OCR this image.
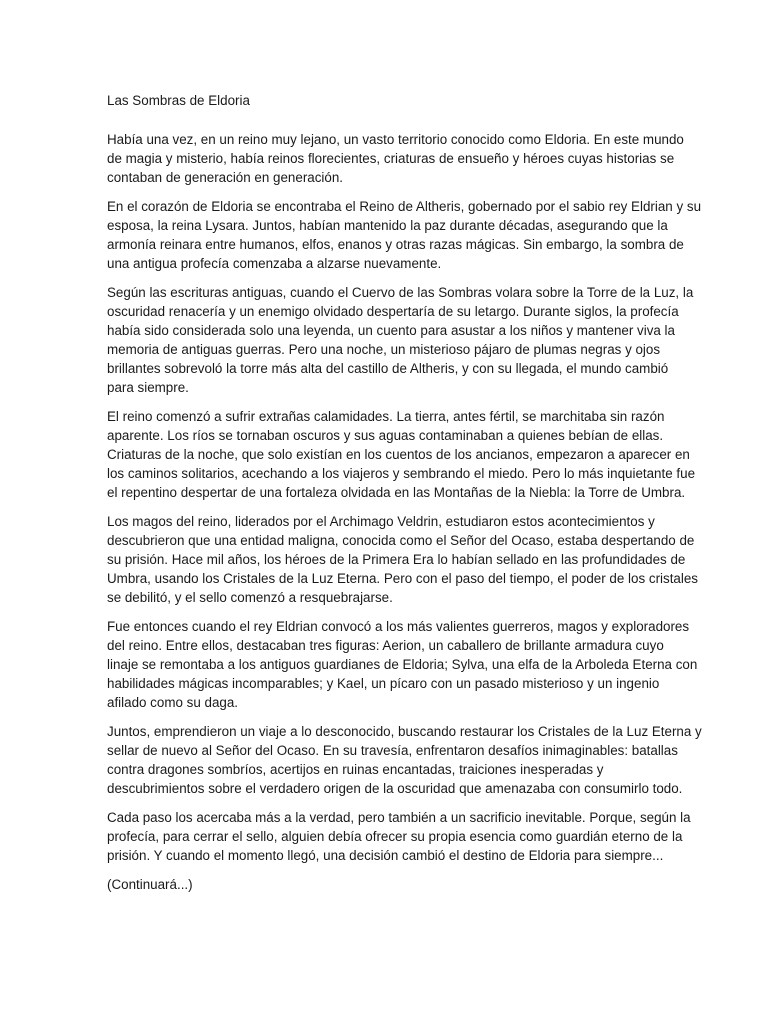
Las Sombras de Eldoria

Había una vez, en un reino muy lejano, un vasto territorio conocido como Eldoria. En este mundo
de magia y misterio, había reinos florecientes, criaturas de ensueño y héroes cuyas historias se
contaban de generación en generación.

En el corazón de Eldoria se encontraba el Reino de Altheris, gobernado por el sabio rey Eldrian y su
esposa, la reina Lysara. Juntos, habían mantenido la paz durante décadas, asegurando que la
armonía reinara entre humanos, elfos, enanos y otras razas mágicas. Sin embargo, la sombra de
una antigua profecía comenzaba a alzarse nuevamente.

Según las escrituras antiguas, cuando el Cuervo de las Sombras volara sobre la Torre de la Luz, la
oscuridad renacería y un enemigo olvidado despertaría de su letargo. Durante siglos, la profecía
había sido considerada solo una leyenda, un cuento para asustar a los niños y mantener viva la
memoria de antiguas guerras. Pero una noche, un misterioso pájaro de plumas negras y ojos
brillantes sobrevoló la torre más alta del castillo de Altheris, y con su llegada, el mundo cambió
para siempre.

El reino comenzó a sufrir extrañas calamidades. La tierra, antes fértil, se marchitaba sin razón
aparente. Los ríos se tornaban oscuros y sus aguas contaminaban a quienes bebían de ellas.
Criaturas de la noche, que solo existían en los cuentos de los ancianos, empezaron a aparecer en
los caminos solitarios, acechando a los viajeros y sembrando el miedo. Pero lo más inquietante fue
el repentino despertar de una fortaleza olvidada en las Montañas de la Niebla: la Torre de Umbra.

Los magos del reino, liderados por el Archimago Veldrin, estudiaron estos acontecimientos y
descubrieron que una entidad maligna, conocida como el Señor del Ocaso, estaba despertando de
su prisión. Hace mil años, los héroes de la Primera Era lo habían sellado en las profundidades de
Umbra, usando los Cristales de la Luz Eterna. Pero con el paso del tiempo, el poder de los cristales
se debilitó, y el sello comenzó a resquebrajarse.

Fue entonces cuando el rey Eldrian convocó a los más valientes guerreros, magos y exploradores
del reino. Entre ellos, destacaban tres figuras: Aerion, un caballero de brillante armadura cuyo
linaje se remontaba a los antiguos guardianes de Eldoria; Sylva, una elfa de la Arboleda Eterna con
habilidades mágicas incomparables; y Kael, un pícaro con un pasado misterioso y un ingenio
afilado como su daga.

Juntos, emprendieron un viaje a lo desconocido, buscando restaurar los Cristales de la Luz Eterna y
sellar de nuevo al Señor del Ocaso. En su travesía, enfrentaron desafíos inimaginables: batallas
contra dragones sombríos, acertijos en ruinas encantadas, traiciones inesperadas y
descubrimientos sobre el verdadero origen de la oscuridad que amenazaba con consumirlo todo.

Cada paso los acercaba más a la verdad, pero también a un sacrificio inevitable. Porque, según la
profecía, para cerrar el sello, alguien debía ofrecer su propia esencia como guardián eterno de la
prisión. Y cuando el momento llegó, una decisión cambió el destino de Eldoria para siempre...

(Continuará...)
